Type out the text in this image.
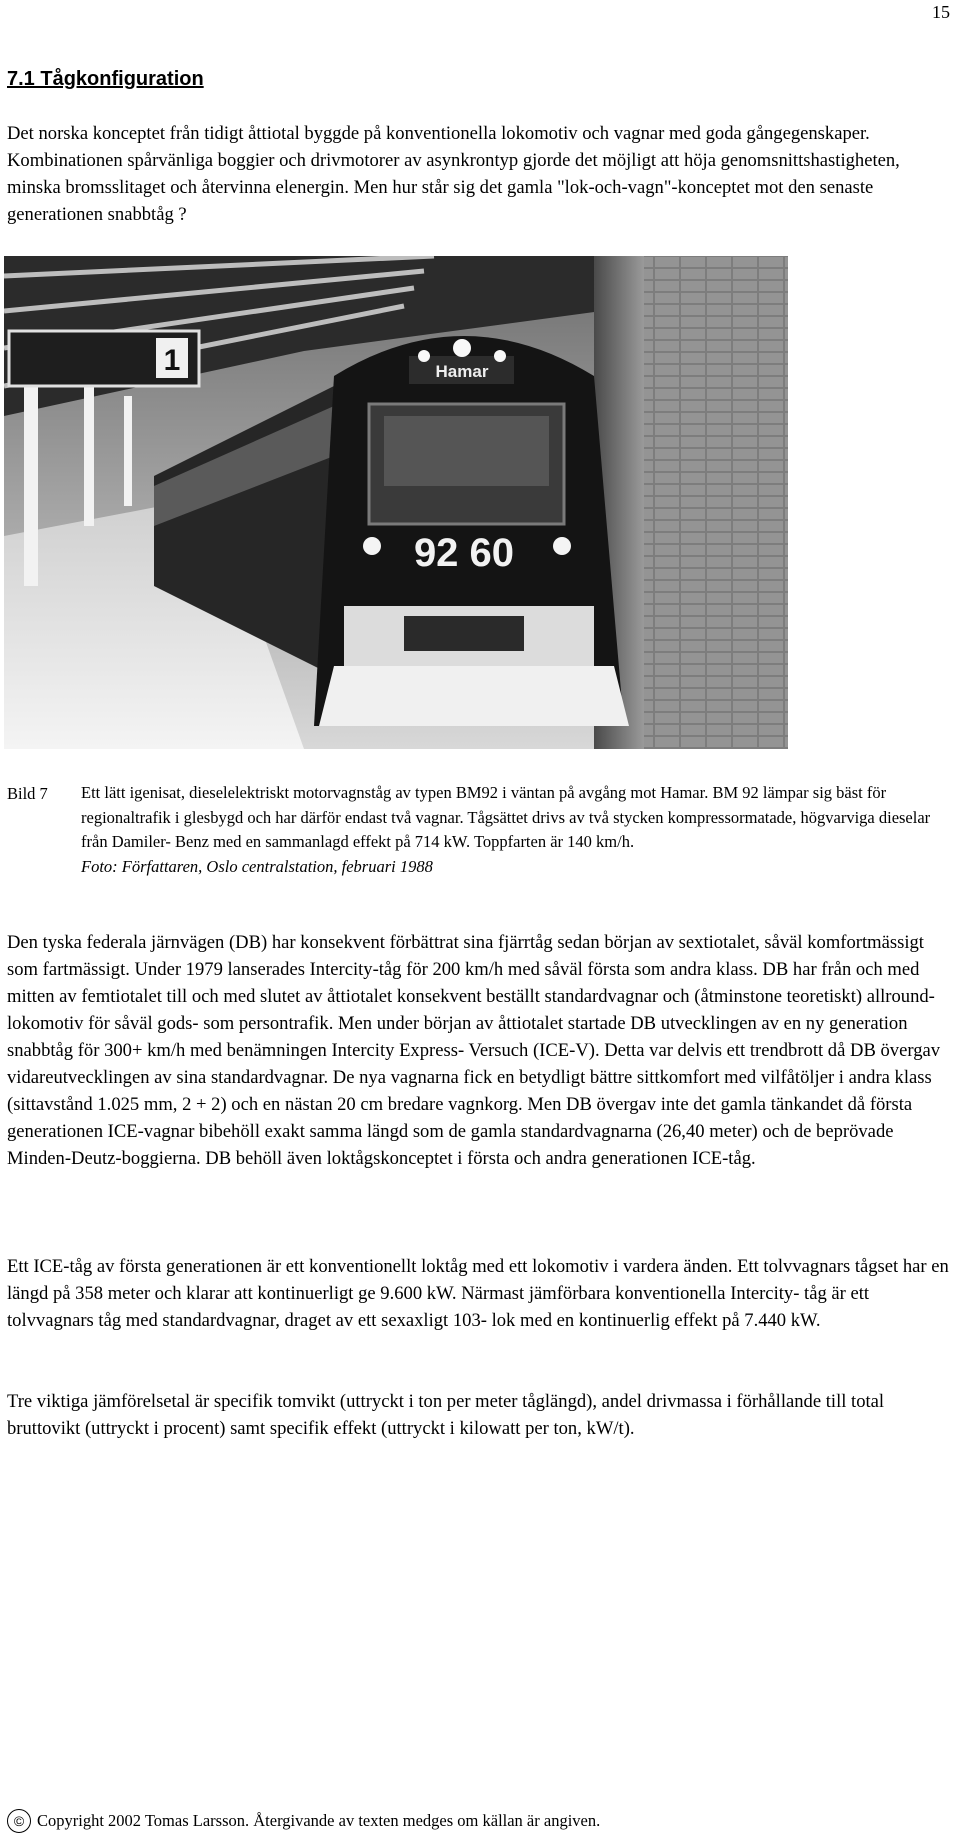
15
7.1 Tågkonfiguration

Det norska konceptet från tidigt åttiotal byggde på konventionella lokomotiv och vagnar med goda gångegenskaper. Kombinationen spårvänliga boggier och drivmotorer av asynkrontyp gjorde det möjligt att höja genomsnittshastigheten, minska bromsslitaget och återvinna elenergin. Men hur står sig det gamla "lok-och-vagn"-konceptet mot den senaste generationen snabbtåg ?

1	Hamar
92 60
Bild 7 Ett lätt igenisat, dieselelektriskt motorvagnståg av typen BM92 i väntan på avgång mot Hamar. BM 92 lämpar sig bäst för regionaltrafik i glesbygd och har därför endast två vagnar. Tågsättet drivs av två stycken kompressormatade, högvarviga dieselar från Damiler- Benz med en sammanlagd effekt på 714 kW. Toppfarten är 140 km/h.
Foto: Författaren, Oslo centralstation, februari 1988

Den tyska federala järnvägen (DB) har konsekvent förbättrat sina fjärrtåg sedan början av sextiotalet, såväl komfortmässigt som fartmässigt. Under 1979 lanserades Intercity-tåg för 200 km/h med såväl första som andra klass. DB har från och med mitten av femtiotalet till och med slutet av åttiotalet konsekvent beställt standardvagnar och (åtminstone teoretiskt) allround-lokomotiv för såväl gods- som persontrafik. Men under början av åttiotalet startade DB utvecklingen av en ny generation snabbtåg för 300+ km/h med benämningen Intercity Express- Versuch (ICE-V). Detta var delvis ett trendbrott då DB övergav vidareutvecklingen av sina standardvagnar. De nya vagnarna fick en betydligt bättre sittkomfort med vilfåtöljer i andra klass (sittavstånd 1.025 mm, 2 + 2) och en nästan 20 cm bredare vagnkorg. Men DB övergav inte det gamla tänkandet då första generationen ICE-vagnar bibehöll exakt samma längd som de gamla standardvagnarna (26,40 meter) och de beprövade Minden-Deutz-boggierna. DB behöll även loktågskonceptet i första och andra generationen ICE-tåg.

Ett ICE-tåg av första generationen är ett konventionellt loktåg med ett lokomotiv i vardera änden. Ett tolvvagnars tågset har en längd på 358 meter och klarar att kontinuerligt ge 9.600 kW. Närmast jämförbara konventionella Intercity- tåg är ett tolvvagnars tåg med standardvagnar, draget av ett sexaxligt 103- lok med en kontinuerlig effekt på 7.440 kW.

Tre viktiga jämförelsetal är specifik tomvikt (uttryckt i ton per meter tåglängd), andel drivmassa i förhållande till total bruttovikt (uttryckt i procent) samt specifik effekt (uttryckt i kilowatt per ton, kW/t).

© Copyright 2002 Tomas Larsson. Återgivande av texten medges om källan är angiven.
